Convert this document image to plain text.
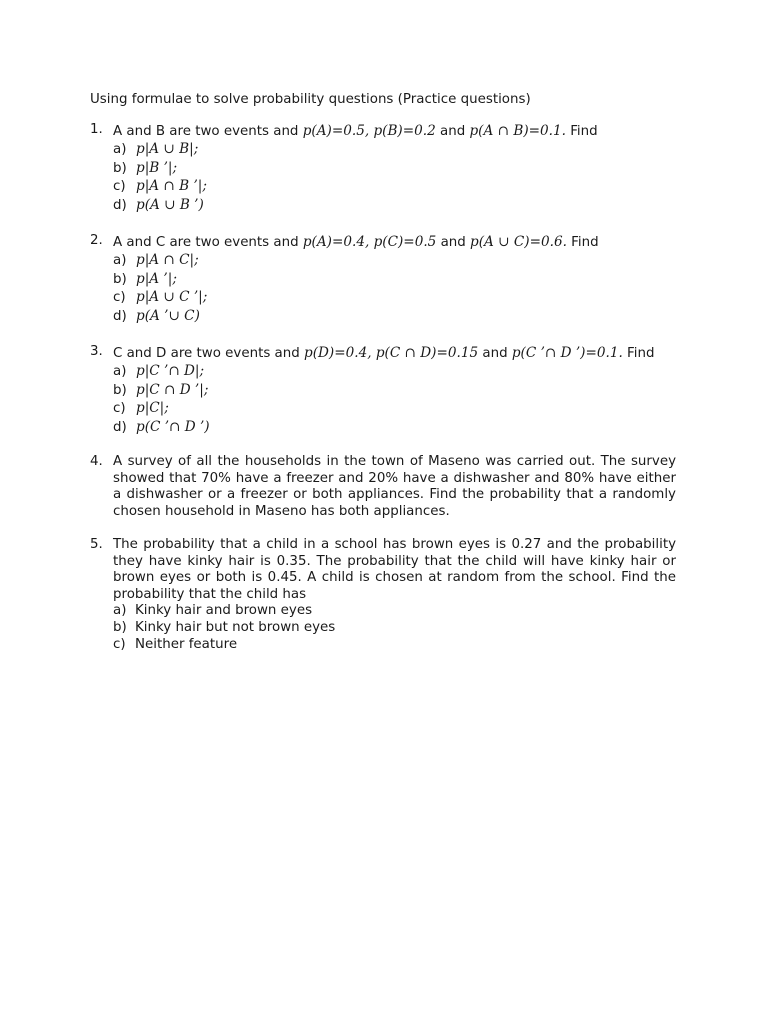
Using formulae to solve probability questions (Practice questions)
1. A and B are two events and p(A)=0.5, p(B)=0.2 and p(A ∩ B)=0.1. Find
a) p|A ∪ B|;
b) p|B ’|;
c) p|A ∩ B ’|;
d) p(A ∪ B ’)
2. A and C are two events and p(A)=0.4, p(C)=0.5 and p(A ∪ C)=0.6. Find
a) p|A ∩ C|;
b) p|A ’|;
c) p|A ∪ C ’|;
d) p(A ’∪ C)
3. C and D are two events and p(D)=0.4, p(C ∩ D)=0.15 and p(C ’∩ D ’)=0.1. Find
a) p|C ’∩ D|;
b) p|C ∩ D ’|;
c) p|C|;
d) p(C ’∩ D ’)
4. A survey of all the households in the town of Maseno was carried out. The survey showed that 70% have a freezer and 20% have a dishwasher and 80% have either a dishwasher or a freezer or both appliances. Find the probability that a randomly chosen household in Maseno has both appliances.

5. The probability that a child in a school has brown eyes is 0.27 and the probability they have kinky hair is 0.35. The probability that the child will have kinky hair or brown eyes or both is 0.45. A child is chosen at random from the school. Find the probability that the child has

a) Kinky hair and brown eyes
b) Kinky hair but not brown eyes
c) Neither feature
